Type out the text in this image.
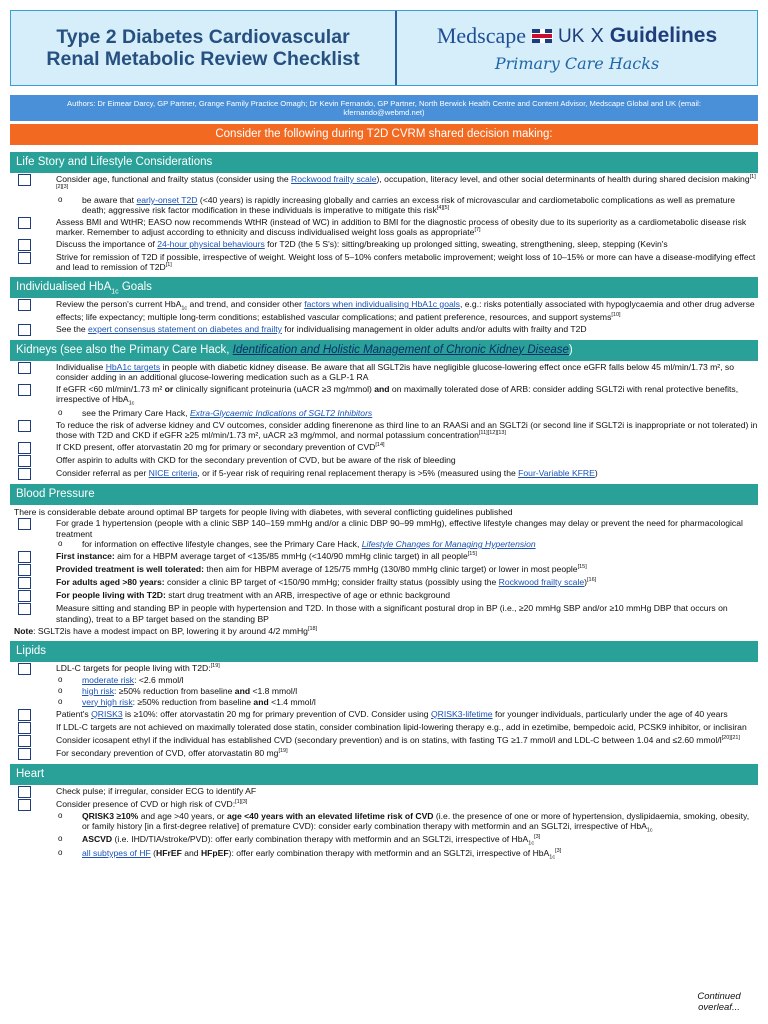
Type 2 Diabetes Cardiovascular
Renal Metabolic Review Checklist
Medscape UK X Guidelines
Primary Care Hacks
Authors: Dr Eimear Darcy, GP Partner, Grange Family Practice Omagh; Dr Kevin Fernando, GP Partner, North Berwick Health Centre and Content Advisor, Medscape Global and UK (email: kfernando@webmd.net)
Consider the following during T2D CVRM shared decision making:
Life Story and Lifestyle Considerations
Consider age, functional and frailty status (consider using the Rockwood frailty scale), occupation, literacy level, and other social determinants of health during shared decision making[1][2][3]
o be aware that early-onset T2D (<40 years) is rapidly increasing globally and carries an excess risk of microvascular and cardiometabolic complications as well as premature death; aggressive risk factor modification in these individuals is imperative to mitigate this risk[4][5]
Assess BMI and WtHR; EASO now recommends WtHR (instead of WC) in addition to BMI for the diagnostic process of obesity due to its superiority as a cardiometabolic disease risk marker. Remember to adjust according to ethnicity and discuss individualised weight loss goals as appropriate[7]
Discuss the importance of 24-hour physical behaviours for T2D (the 5 S's): sitting/breaking up prolonged sitting, sweating, strengthening, sleep, stepping (Kevin's
Strive for remission of T2D if possible, irrespective of weight. Weight loss of 5–10% confers metabolic improvement; weight loss of 10–15% or more can have a disease-modifying effect and lead to remission of T2D[1]
Individualised HbA$_{1c}$ Goals
Review the person's current HbA$_{1c}$ and trend, and consider other factors when individualising HbA1c goals, e.g.: risks potentially associated with hypoglycaemia and other drug adverse effects; life expectancy; multiple long-term conditions; established vascular complications; and patient preference, resources, and support systems[10]
See the expert consensus statement on diabetes and frailty for individualising management in older adults and/or adults with frailty and T2D
Kidneys (see also the Primary Care Hack, Identification and Holistic Management of Chronic Kidney Disease)
Individualise HbA1c targets in people with diabetic kidney disease. Be aware that all SGLT2is have negligible glucose-lowering effect once eGFR falls below 45 ml/min/1.73 m², so consider adding in an additional glucose-lowering medication such as a GLP-1 RA
If eGFR <60 ml/min/1.73 m² or clinically significant proteinuria (uACR ≥3 mg/mmol) and on maximally tolerated dose of ARB: consider adding SGLT2i with renal protective benefits, irrespective of HbA$_{1c}$
o see the Primary Care Hack, Extra-Glycaemic Indications of SGLT2 Inhibitors
To reduce the risk of adverse kidney and CV outcomes, consider adding finerenone as third line to an RAASi and an SGLT2i (or second line if SGLT2i is inappropriate or not tolerated) in those with T2D and CKD if eGFR ≥25 ml/min/1.73 m², uACR ≥3 mg/mmol, and normal potassium concentration[11][12][13]
If CKD present, offer atorvastatin 20 mg for primary or secondary prevention of CVD[14]
Offer aspirin to adults with CKD for the secondary prevention of CVD, but be aware of the risk of bleeding
Consider referral as per NICE criteria, or if 5-year risk of requiring renal replacement therapy is >5% (measured using the Four-Variable KFRE)
Blood Pressure
There is considerable debate around optimal BP targets for people living with diabetes, with several conflicting guidelines published
For grade 1 hypertension (people with a clinic SBP 140–159 mmHg and/or a clinic DBP 90–99 mmHg), effective lifestyle changes may delay or prevent the need for pharmacological treatment
o for information on effective lifestyle changes, see the Primary Care Hack, Lifestyle Changes for Managing Hypertension
First instance: aim for a HBPM average target of <135/85 mmHg (<140/90 mmHg clinic target) in all people[15]
Provided treatment is well tolerated: then aim for HBPM average of 125/75 mmHg (130/80 mmHg clinic target) or lower in most people[15]
For adults aged >80 years: consider a clinic BP target of <150/90 mmHg; consider frailty status (possibly using the Rockwood frailty scale)[16]
For people living with T2D: start drug treatment with an ARB, irrespective of age or ethnic background
Measure sitting and standing BP in people with hypertension and T2D. In those with a significant postural drop in BP (i.e., ≥20 mmHg SBP and/or ≥10 mmHg DBP that occurs on standing), treat to a BP target based on the standing BP
Note: SGLT2is have a modest impact on BP, lowering it by around 4/2 mmHg[18]
Lipids
LDL-C targets for people living with T2D:[19]
o moderate risk: <2.6 mmol/l
o high risk: ≥50% reduction from baseline and <1.8 mmol/l
o very high risk: ≥50% reduction from baseline and <1.4 mmol/l
Patient's QRISK3 is ≥10%: offer atorvastatin 20 mg for primary prevention of CVD. Consider using QRISK3-lifetime for younger individuals, particularly under the age of 40 years
If LDL-C targets are not achieved on maximally tolerated dose statin, consider combination lipid-lowering therapy e.g., add in ezetimibe, bempedoic acid, PCSK9 inhibitor, or inclisiran
Consider icosapent ethyl if the individual has established CVD (secondary prevention) and is on statins, with fasting TG ≥1.7 mmol/l and LDL-C between 1.04 and ≤2.60 mmol/l[20][21]
For secondary prevention of CVD, offer atorvastatin 80 mg[19]
Heart
Check pulse; if irregular, consider ECG to identify AF
Consider presence of CVD or high risk of CVD:[1][3]
o QRISK3 ≥10% and age >40 years, or age <40 years with an elevated lifetime risk of CVD (i.e. the presence of one or more of hypertension, dyslipidaemia, smoking, obesity, or family history [in a first-degree relative] of premature CVD): consider early combination therapy with metformin and an SGLT2i, irrespective of HbA$_{1c}$
o ASCVD (i.e. IHD/TIA/stroke/PVD): offer early combination therapy with metformin and an SGLT2i, irrespective of HbA$_{1c}$[3]
o all subtypes of HF (HFrEF and HFpEF): offer early combination therapy with metformin and an SGLT2i, irrespective of HbA$_{1c}$[3]
Continued overleaf...
